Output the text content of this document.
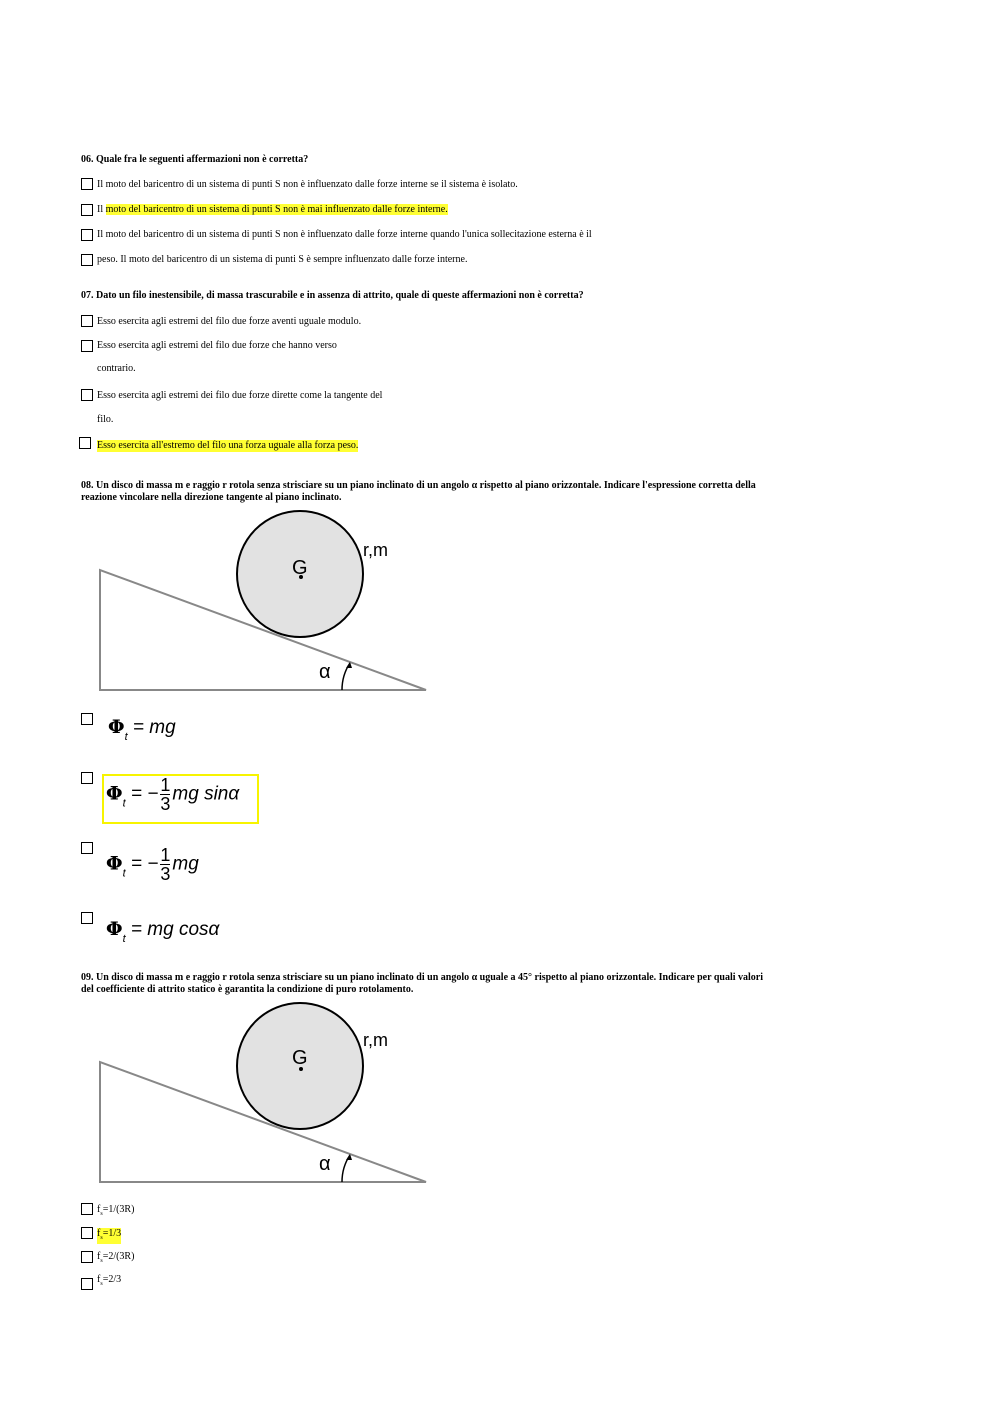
06. Quale fra le seguenti affermazioni non è corretta?
Il moto del baricentro di un sistema di punti S non è influenzato dalle forze interne se il sistema è isolato.
Il moto del baricentro di un sistema di punti S non è mai influenzato dalle forze interne.
Il moto del baricentro di un sistema di punti S non è influenzato dalle forze interne quando l'unica sollecitazione esterna è il
peso. Il moto del baricentro di un sistema di punti S è sempre influenzato dalle forze interne.
07. Dato un filo inestensibile, di massa trascurabile e in assenza di attrito, quale di queste affermazioni non è corretta?
Esso esercita agli estremi del filo due forze aventi uguale modulo.
Esso esercita agli estremi del filo due forze che hanno verso
contrario.
Esso esercita agli estremi dei filo due forze dirette come la tangente del
filo.
Esso esercita all'estremo del filo una forza uguale alla forza peso.
08. Un disco di massa m e raggio r rotola senza strisciare su un piano inclinato di un angolo α rispetto al piano orizzontale. Indicare l'espressione corretta della
reazione vincolare nella direzione tangente al piano inclinato.
G
r,m
α
$\Phi_t$ = mg
$\Phi_t$ = − $\frac{1}{3}$ mg sinα
$\Phi_t$ = − $\frac{1}{3}$ mg
$\Phi_t$ = mg cosα
09. Un disco di massa m e raggio r rotola senza strisciare su un piano inclinato di un angolo α uguale a 45° rispetto al piano orizzontale. Indicare per quali valori
del coefficiente di attrito statico è garantita la condizione di puro rotolamento.
G
r,m
α
$f_s=1/(3R)$
$f_s=1/3$
$f_s=2/(3R)$
$f_s=2/3$
